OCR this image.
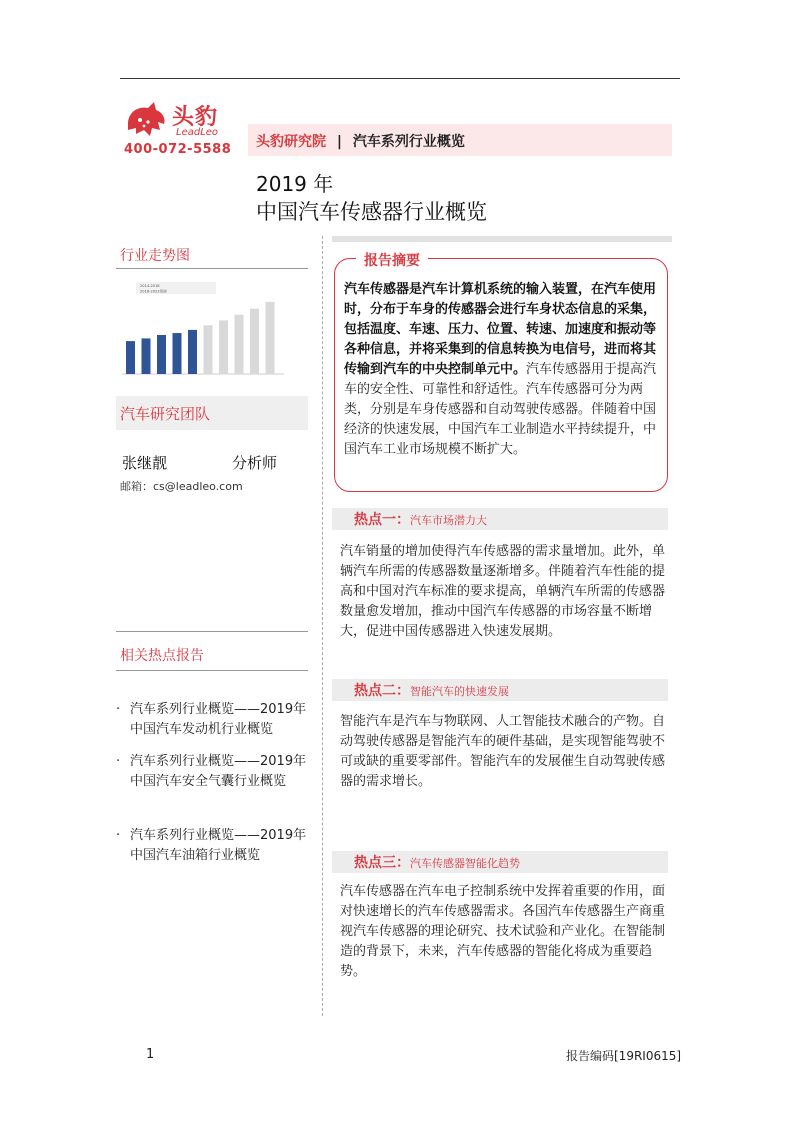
头豹
LeadLeo
400-072-5588 头豹研究院 | 汽车系列行业概览
2019 年
中国汽车传感器行业概览
行业走势图
2014-2018
2018-2023预测
汽车研究团队
张继靓	分析师
邮箱：cs@leadleo.com
相关热点报告
· 汽车系列行业概览——2019年中国汽车发动机行业概览
· 汽车系列行业概览——2019年中国汽车安全气囊行业概览
· 汽车系列行业概览——2019年中国汽车油箱行业概览
报告摘要
汽车传感器是汽车计算机系统的输入装置，在汽车使用时，分布于车身的传感器会进行车身状态信息的采集，包括温度、车速、压力、位置、转速、加速度和振动等各种信息，并将采集到的信息转换为电信号，进而将其传输到汽车的中央控制单元中。汽车传感器用于提高汽车的安全性、可靠性和舒适性。汽车传感器可分为两类，分别是车身传感器和自动驾驶传感器。伴随着中国经济的快速发展，中国汽车工业制造水平持续提升，中国汽车工业市场规模不断扩大。
热点一：汽车市场潜力大
汽车销量的增加使得汽车传感器的需求量增加。此外，单辆汽车所需的传感器数量逐渐增多。伴随着汽车性能的提高和中国对汽车标准的要求提高，单辆汽车所需的传感器数量愈发增加，推动中国汽车传感器的市场容量不断增大，促进中国传感器进入快速发展期。
热点二：智能汽车的快速发展
智能汽车是汽车与物联网、人工智能技术融合的产物。自动驾驶传感器是智能汽车的硬件基础，是实现智能驾驶不可或缺的重要零部件。智能汽车的发展催生自动驾驶传感器的需求增长。
热点三：汽车传感器智能化趋势
汽车传感器在汽车电子控制系统中发挥着重要的作用，面对快速增长的汽车传感器需求。各国汽车传感器生产商重视汽车传感器的理论研究、技术试验和产业化。在智能制造的背景下，未来，汽车传感器的智能化将成为重要趋势。
1	报告编码[19RI0615]
